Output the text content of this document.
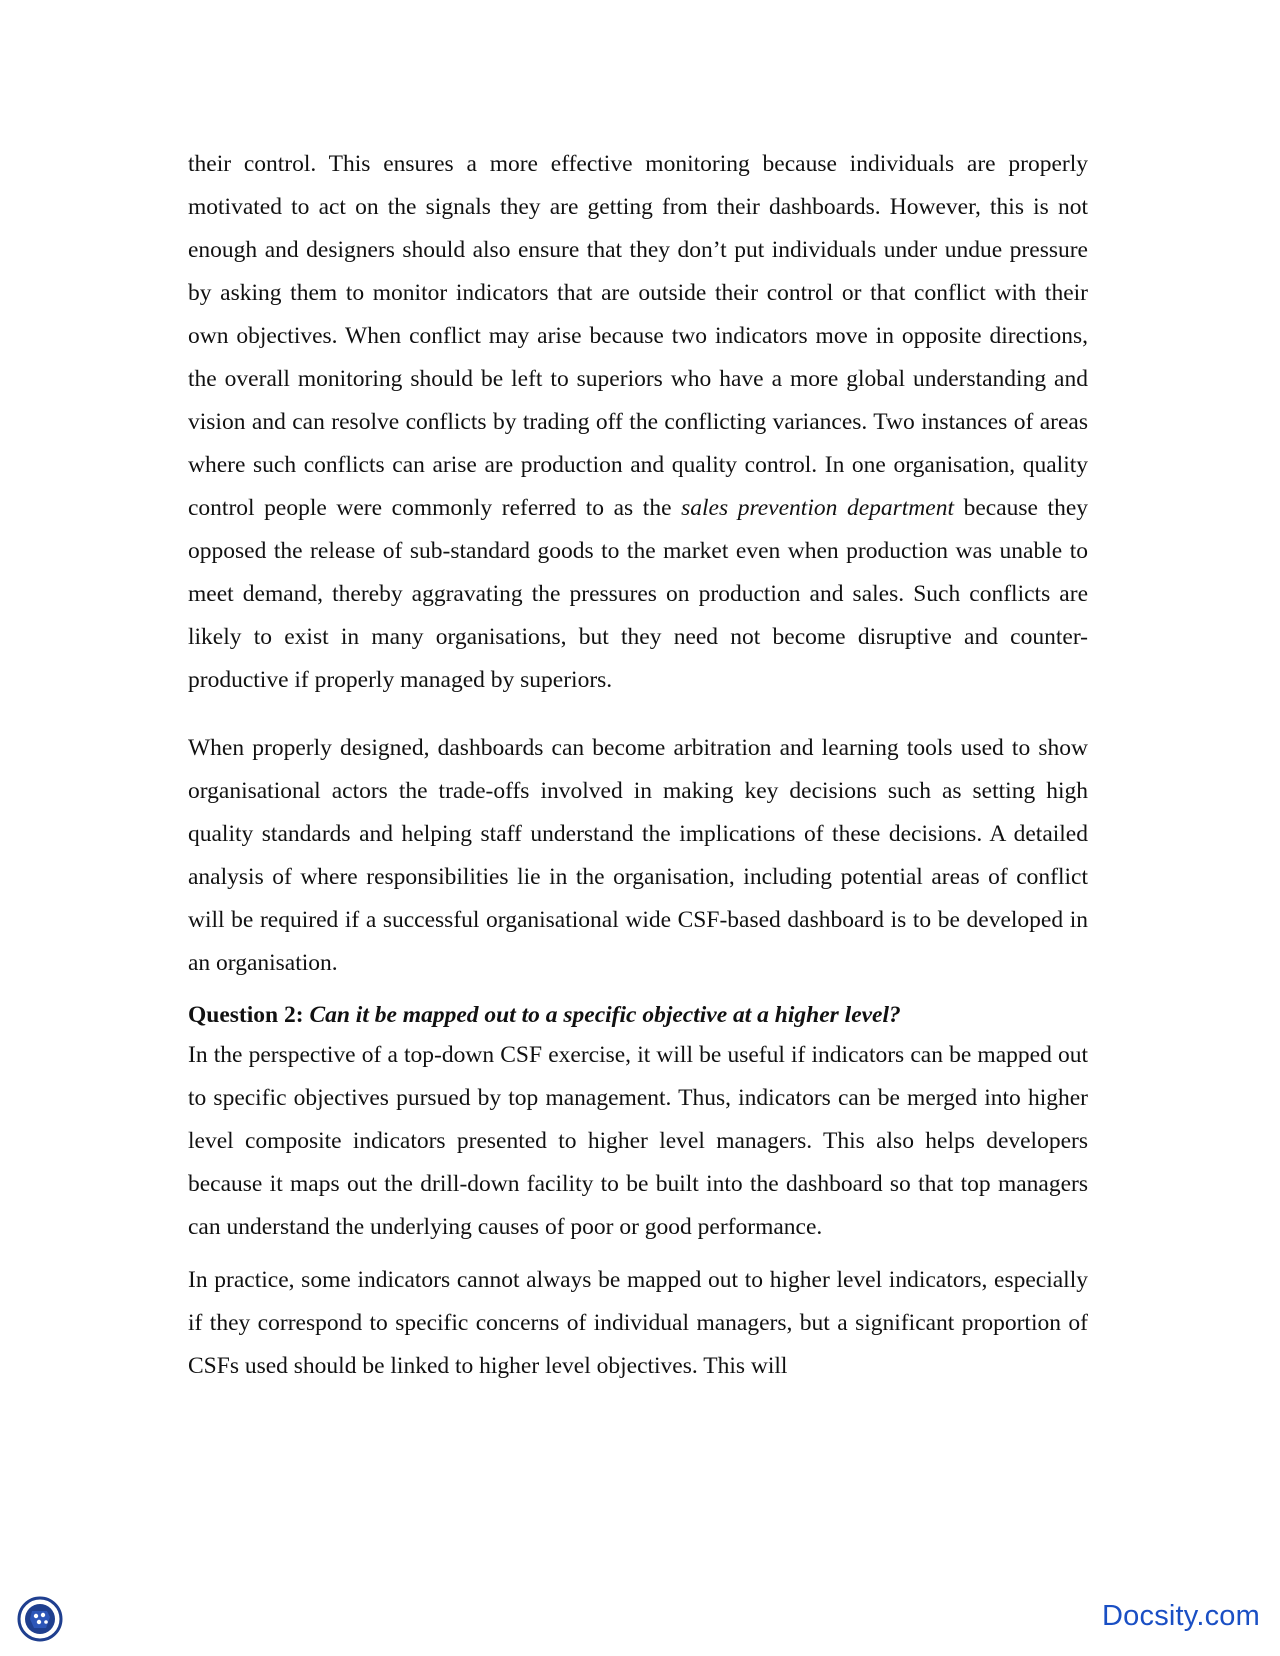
their control. This ensures a more effective monitoring because individuals are properly motivated to act on the signals they are getting from their dashboards. However, this is not enough and designers should also ensure that they don’t put individuals under undue pressure by asking them to monitor indicators that are outside their control or that conflict with their own objectives. When conflict may arise because two indicators move in opposite directions, the overall monitoring should be left to superiors who have a more global understanding and vision and can resolve conflicts by trading off the conflicting variances. Two instances of areas where such conflicts can arise are production and quality control. In one organisation, quality control people were commonly referred to as the sales prevention department because they opposed the release of sub-standard goods to the market even when production was unable to meet demand, thereby aggravating the pressures on production and sales. Such conflicts are likely to exist in many organisations, but they need not become disruptive and counter-productive if properly managed by superiors.

When properly designed, dashboards can become arbitration and learning tools used to show organisational actors the trade-offs involved in making key decisions such as setting high quality standards and helping staff understand the implications of these decisions. A detailed analysis of where responsibilities lie in the organisation, including potential areas of conflict will be required if a successful organisational wide CSF-based dashboard is to be developed in an organisation.

Question 2: Can it be mapped out to a specific objective at a higher level?

In the perspective of a top-down CSF exercise, it will be useful if indicators can be mapped out to specific objectives pursued by top management. Thus, indicators can be merged into higher level composite indicators presented to higher level managers. This also helps developers because it maps out the drill-down facility to be built into the dashboard so that top managers can understand the underlying causes of poor or good performance.

In practice, some indicators cannot always be mapped out to higher level indicators, especially if they correspond to specific concerns of individual managers, but a significant proportion of CSFs used should be linked to higher level objectives. This will

Docsity.com
